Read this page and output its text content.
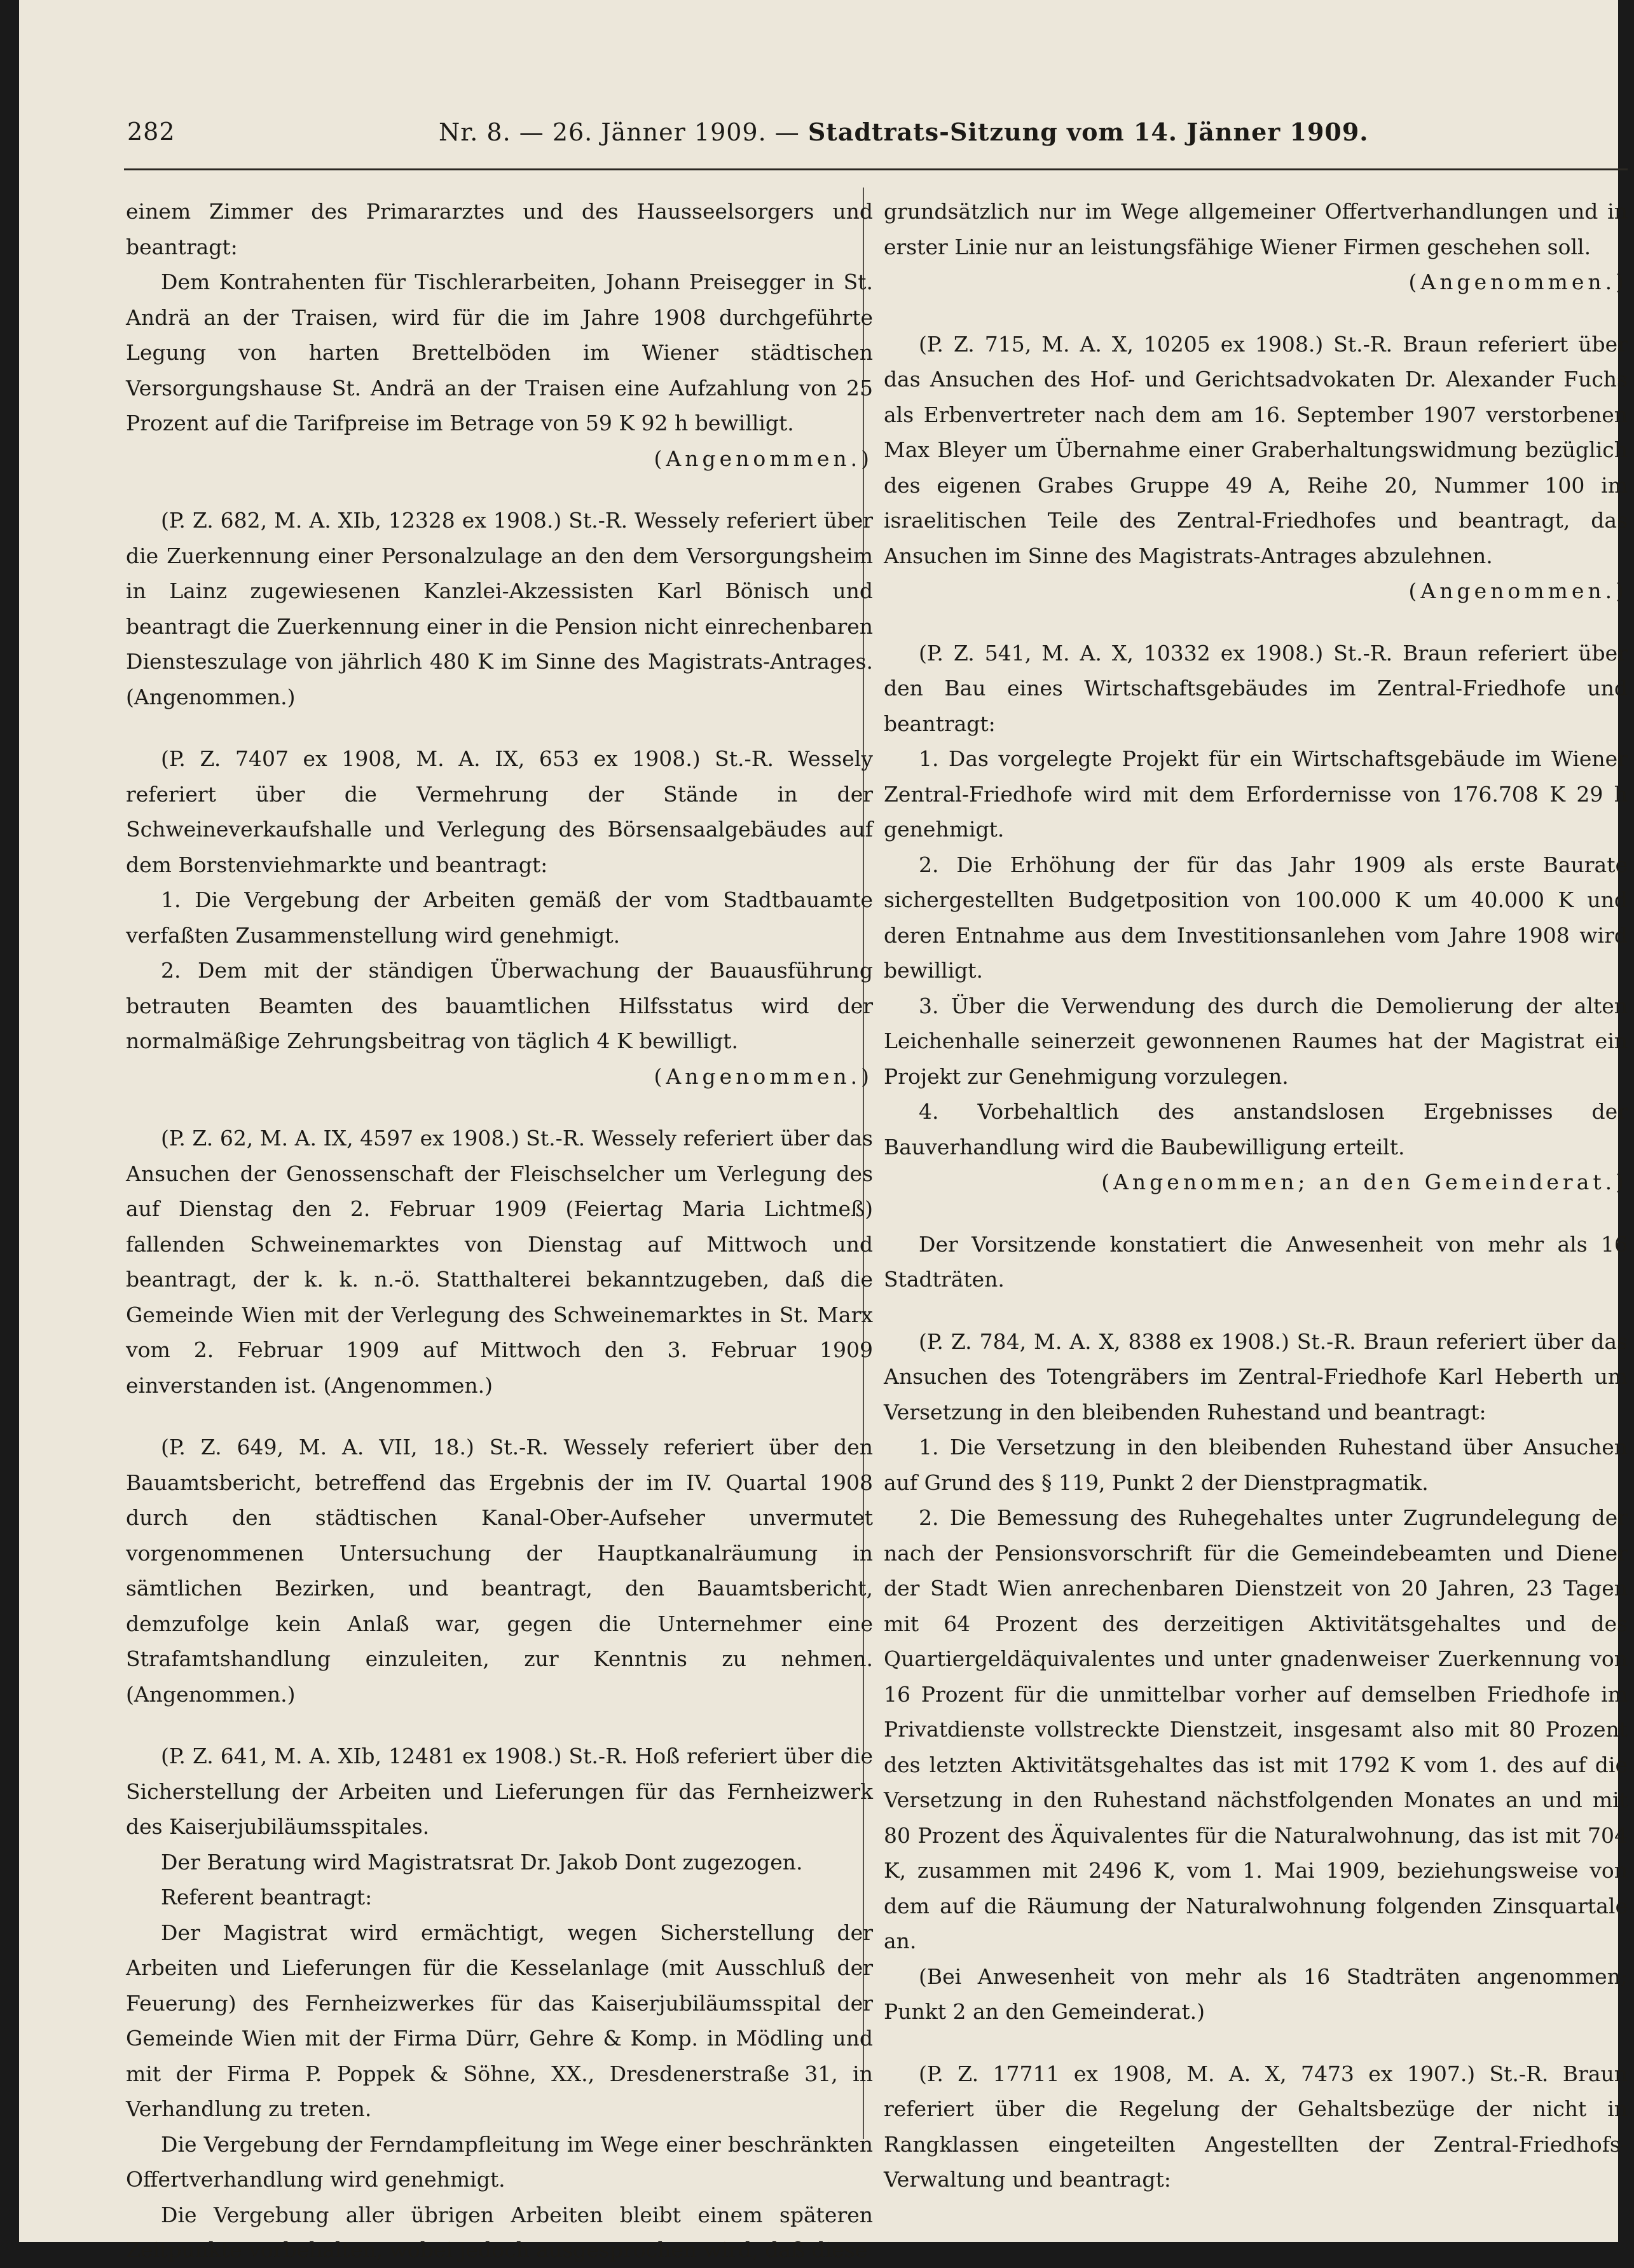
282	Nr. 8. — 26. Jänner 1909. — Stadtrats-Sitzung vom 14. Jänner 1909.

einem Zimmer des Primararztes und des Hausseelsorgers und beantragt:

Dem Kontrahenten für Tischlerarbeiten, Johann Preisegger in St. Andrä an der Traisen, wird für die im Jahre 1908 durchgeführte Legung von harten Brettelböden im Wiener städtischen Versorgungshause St. Andrä an der Traisen eine Aufzahlung von 25 Prozent auf die Tarifpreise im Betrage von 59 K 92 h bewilligt.

(Angenommen.)

(P. Z. 682, M. A. XIb, 12328 ex 1908.) St.-R. Wessely referiert über die Zuerkennung einer Personalzulage an den dem Versorgungsheim in Lainz zugewiesenen Kanzlei-Akzessisten Karl Bönisch und beantragt die Zuerkennung einer in die Pension nicht einrechenbaren Diensteszulage von jährlich 480 K im Sinne des Magistrats-Antrages. (Angenommen.)

(P. Z. 7407 ex 1908, M. A. IX, 653 ex 1908.) St.-R. Wessely referiert über die Vermehrung der Stände in der Schweineverkaufshalle und Verlegung des Börsensaalgebäudes auf dem Borstenviehmarkte und beantragt:

1. Die Vergebung der Arbeiten gemäß der vom Stadtbauamte verfaßten Zusammenstellung wird genehmigt.

2. Dem mit der ständigen Überwachung der Bauausführung betrauten Beamten des bauamtlichen Hilfsstatus wird der normalmäßige Zehrungsbeitrag von täglich 4 K bewilligt.

(Angenommen.)

(P. Z. 62, M. A. IX, 4597 ex 1908.) St.-R. Wessely referiert über das Ansuchen der Genossenschaft der Fleischselcher um Verlegung des auf Dienstag den 2. Februar 1909 (Feiertag Maria Lichtmeß) fallenden Schweinemarktes von Dienstag auf Mittwoch und beantragt, der k. k. n.-ö. Statthalterei bekanntzugeben, daß die Gemeinde Wien mit der Verlegung des Schweinemarktes in St. Marx vom 2. Februar 1909 auf Mittwoch den 3. Februar 1909 einverstanden ist. (Angenommen.)

(P. Z. 649, M. A. VII, 18.) St.-R. Wessely referiert über den Bauamtsbericht, betreffend das Ergebnis der im IV. Quartal 1908 durch den städtischen Kanal-Ober-Aufseher unvermutet vorgenommenen Untersuchung der Hauptkanalräumung in sämtlichen Bezirken, und beantragt, den Bauamtsbericht, demzufolge kein Anlaß war, gegen die Unternehmer eine Strafamtshandlung einzuleiten, zur Kenntnis zu nehmen. (Angenommen.)

(P. Z. 641, M. A. XIb, 12481 ex 1908.) St.-R. Hoß referiert über die Sicherstellung der Arbeiten und Lieferungen für das Fernheizwerk des Kaiserjubiläumsspitales.

Der Beratung wird Magistratsrat Dr. Jakob Dont zugezogen.

Referent beantragt:

Der Magistrat wird ermächtigt, wegen Sicherstellung der Arbeiten und Lieferungen für die Kesselanlage (mit Ausschluß der Feuerung) des Fernheizwerkes für das Kaiserjubiläumsspital der Gemeinde Wien mit der Firma Dürr, Gehre & Komp. in Mödling und mit der Firma P. Poppek & Söhne, XX., Dresdenerstraße 31, in Verhandlung zu treten.

Die Vergebung der Ferndampfleitung im Wege einer beschränkten Offertverhandlung wird genehmigt.

Die Vergebung aller übrigen Arbeiten bleibt einem späteren Zeitpunkte vorbehalten, wobei jedoch ausgesprochen wird, daß diese

grundsätzlich nur im Wege allgemeiner Offertverhandlungen und in erster Linie nur an leistungsfähige Wiener Firmen geschehen soll.

(Angenommen.)

(P. Z. 715, M. A. X, 10205 ex 1908.) St.-R. Braun referiert über das Ansuchen des Hof- und Gerichtsadvokaten Dr. Alexander Fuchs als Erbenvertreter nach dem am 16. September 1907 verstorbenen Max Bleyer um Übernahme einer Graberhaltungswidmung bezüglich des eigenen Grabes Gruppe 49 A, Reihe 20, Nummer 100 im israelitischen Teile des Zentral-Friedhofes und beantragt, das Ansuchen im Sinne des Magistrats-Antrages abzulehnen.

(Angenommen.)

(P. Z. 541, M. A. X, 10332 ex 1908.) St.-R. Braun referiert über den Bau eines Wirtschaftsgebäudes im Zentral-Friedhofe und beantragt:

1. Das vorgelegte Projekt für ein Wirtschaftsgebäude im Wiener Zentral-Friedhofe wird mit dem Erfordernisse von 176.708 K 29 h genehmigt.

2. Die Erhöhung der für das Jahr 1909 als erste Baurate sichergestellten Budgetposition von 100.000 K um 40.000 K und deren Entnahme aus dem Investitionsanlehen vom Jahre 1908 wird bewilligt.

3. Über die Verwendung des durch die Demolierung der alten Leichenhalle seinerzeit gewonnenen Raumes hat der Magistrat ein Projekt zur Genehmigung vorzulegen.

4. Vorbehaltlich des anstandslosen Ergebnisses der Bauverhandlung wird die Baubewilligung erteilt.

(Angenommen; an den Gemeinderat.)

Der Vorsitzende konstatiert die Anwesenheit von mehr als 16 Stadträten.

(P. Z. 784, M. A. X, 8388 ex 1908.) St.-R. Braun referiert über das Ansuchen des Totengräbers im Zentral-Friedhofe Karl Heberth um Versetzung in den bleibenden Ruhestand und beantragt:

1. Die Versetzung in den bleibenden Ruhestand über Ansuchen auf Grund des § 119, Punkt 2 der Dienstpragmatik.

2. Die Bemessung des Ruhegehaltes unter Zugrundelegung der nach der Pensionsvorschrift für die Gemeindebeamten und Diener der Stadt Wien anrechenbaren Dienstzeit von 20 Jahren, 23 Tagen mit 64 Prozent des derzeitigen Aktivitätsgehaltes und des Quartiergeldäquivalentes und unter gnadenweiser Zuerkennung von 16 Prozent für die unmittelbar vorher auf demselben Friedhofe im Privatdienste vollstreckte Dienstzeit, insgesamt also mit 80 Prozent des letzten Aktivitätsgehaltes das ist mit 1792 K vom 1. des auf die Versetzung in den Ruhestand nächstfolgenden Monates an und mit 80 Prozent des Äquivalentes für die Naturalwohnung, das ist mit 704 K, zusammen mit 2496 K, vom 1. Mai 1909, beziehungsweise von dem auf die Räumung der Naturalwohnung folgenden Zinsquartale an.

(Bei Anwesenheit von mehr als 16 Stadträten angenommen; Punkt 2 an den Gemeinderat.)

(P. Z. 17711 ex 1908, M. A. X, 7473 ex 1907.) St.-R. Braun referiert über die Regelung der Gehaltsbezüge der nicht in Rangklassen eingeteilten Angestellten der Zentral-Friedhofs-Verwaltung und beantragt:
